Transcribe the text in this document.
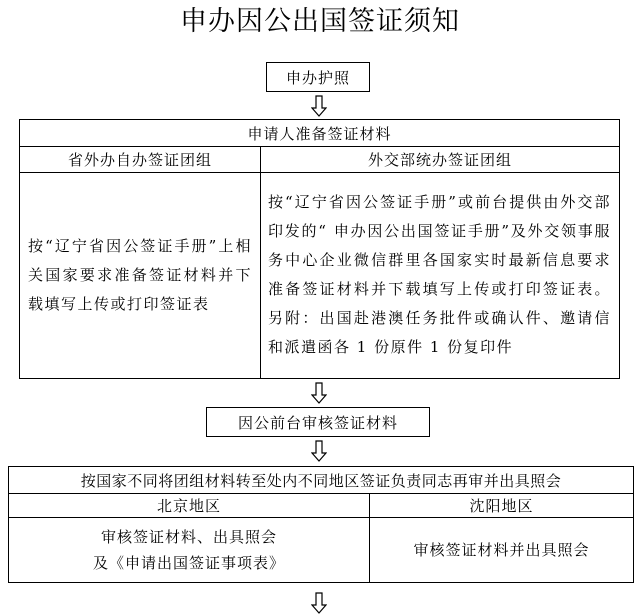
申办因公出国签证须知
申办护照
申请人准备签证材料
省外办自办签证团组	外交部统办签证团组
按“辽宁省因公签证手册”上相关国家要求准备签证材料并下载填写上传或打印签证表
按“辽宁省因公签证手册”或前台提供由外交部印发的“ 申办因公出国签证手册”及外交领事服务中心企业微信群里各国家实时最新信息要求准备签证材料并下载填写上传或打印签证表。另附：出国赴港澳任务批件或确认件、邀请信和派遣函各 1 份原件 1 份复印件
因公前台审核签证材料
按国家不同将团组材料转至处内不同地区签证负责同志再审并出具照会
北京地区	沈阳地区
审核签证材料、出具照会
及《申请出国签证事项表》
审核签证材料并出具照会
